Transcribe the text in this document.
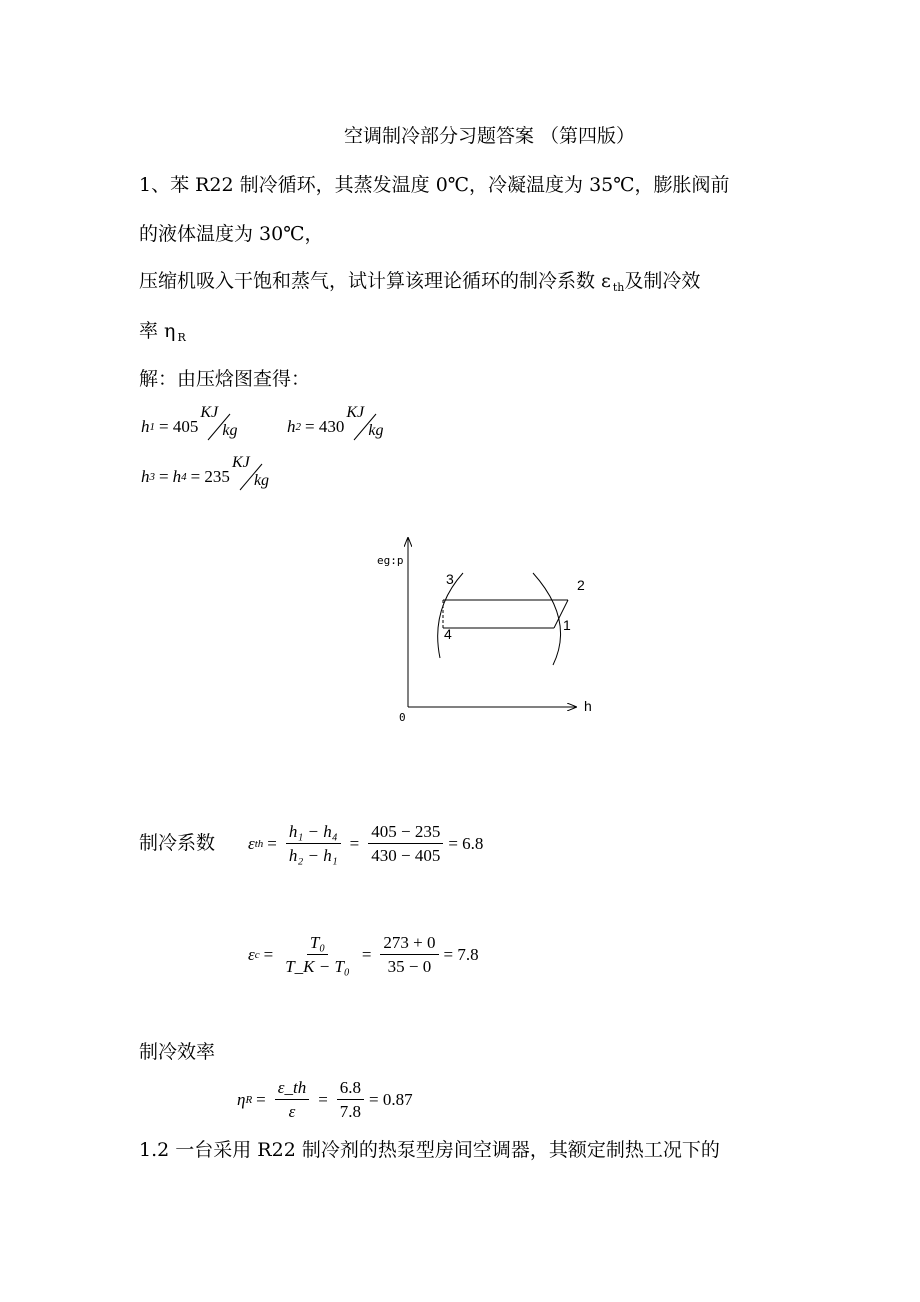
空调制冷部分习题答案 （第四版）
1、苯 R22 制冷循环，其蒸发温度 0℃，冷凝温度为 35℃，膨胀阀前
的液体温度为 30℃，
压缩机吸入干饱和蒸气，试计算该理论循环的制冷系数 ε $_{th}$及制冷效
率 η $_R$
解：由压焓图查得：
h 1 = 405
KJ
kg	h 2 = 430
KJ
kg
h 3 = h 4 = 235
KJ
kg
eg:p
h
0
1
2
3
4
制冷系数 ε th = $\frac{\text{h₁ − h₄}}{\text{h₂ − h₁}} = \frac{405 - 235}{430 - 405} = 6.8$
ε $c = \frac{\text{T₀}}{\text{T\_K − T₀}} = \frac{273 + 0}{35 - 0} = 7.8$
制冷效率
η $R = \frac{\varepsilon\_th}{\varepsilon} = \frac{6.8}{7.8} = 0.87$
1.2 一台采用 R22 制冷剂的热泵型房间空调器，其额定制热工况下的
